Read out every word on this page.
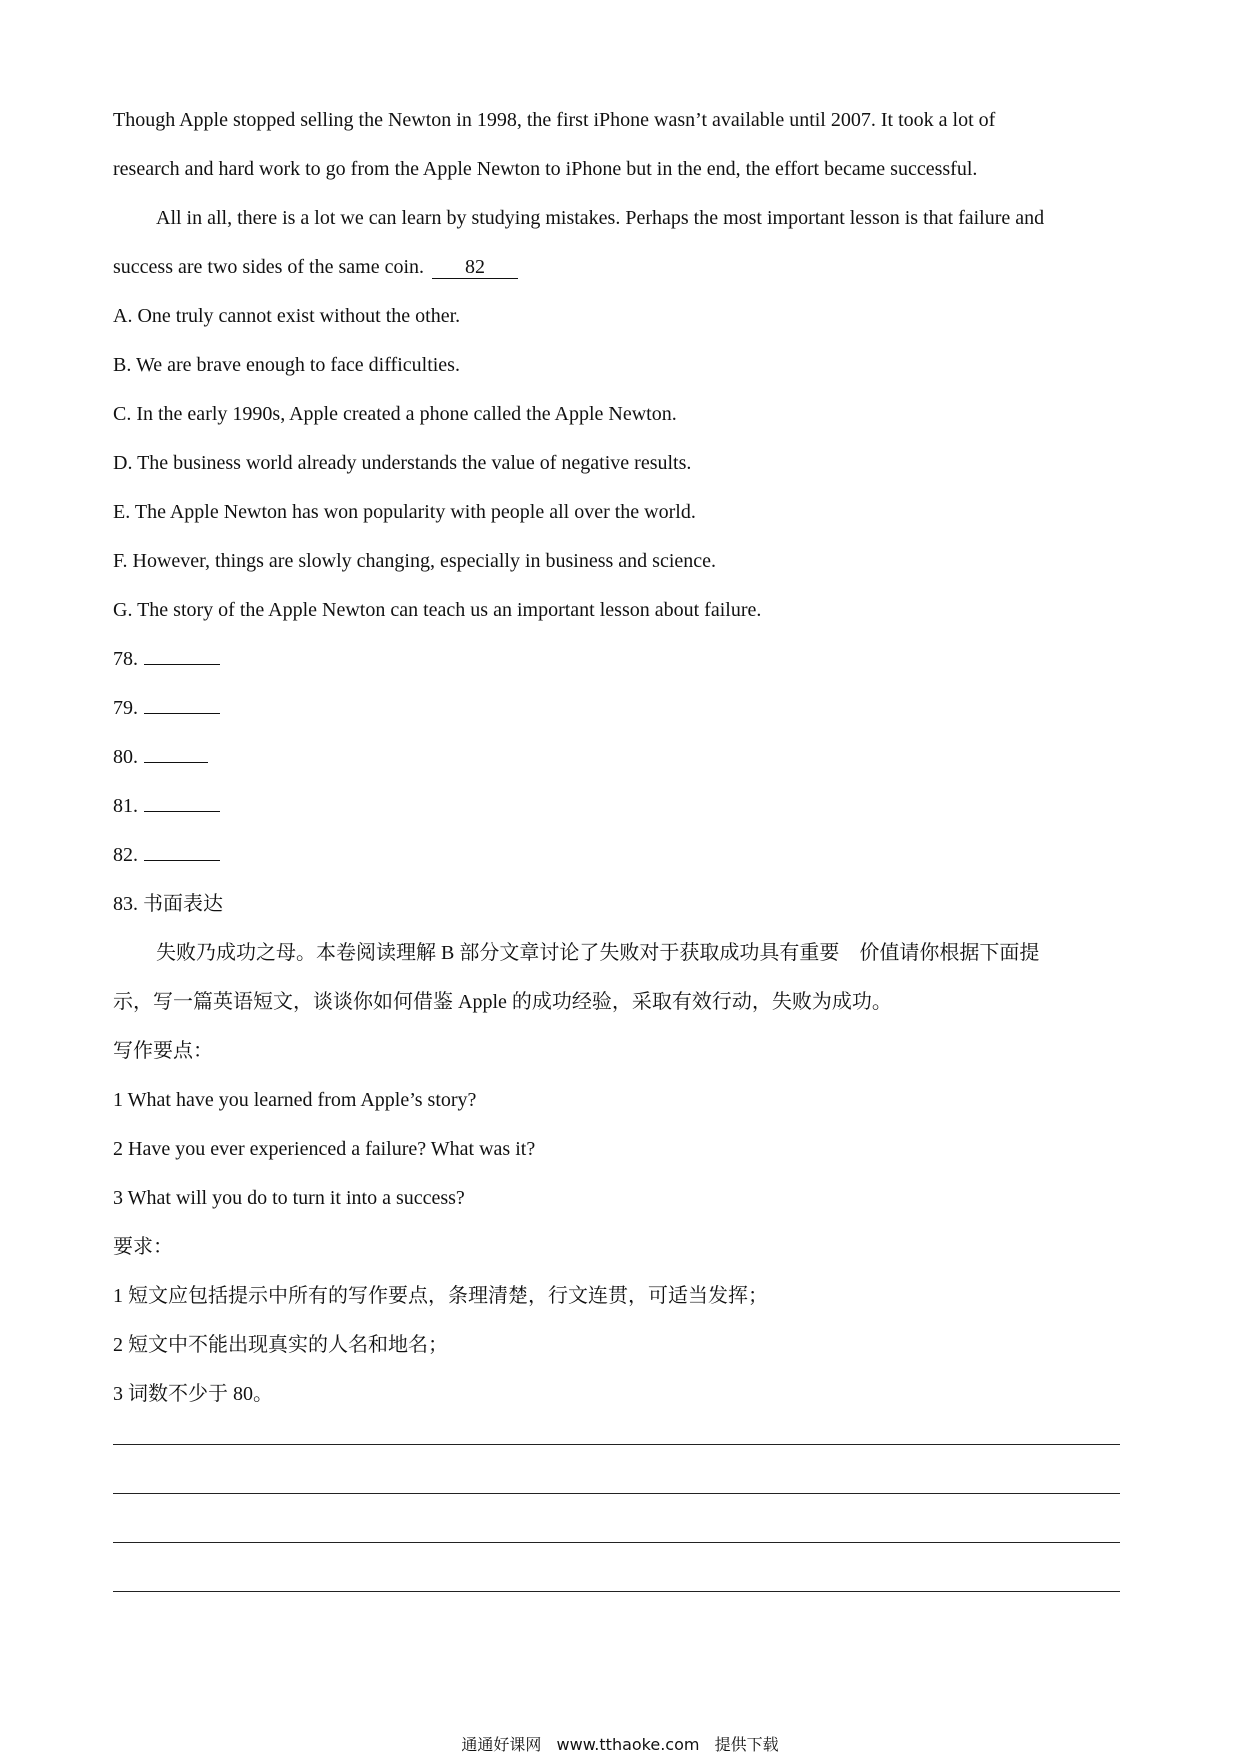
Though Apple stopped selling the Newton in 1998, the first iPhone wasn’t available until 2007. It took a lot of
research and hard work to go from the Apple Newton to iPhone but in the end, the effort became successful.
All in all, there is a lot we can learn by studying mistakes. Perhaps the most important lesson is that failure and
success are two sides of the same coin. 82
A. One truly cannot exist without the other.
B. We are brave enough to face difficulties.
C. In the early 1990s, Apple created a phone called the Apple Newton.
D. The business world already understands the value of negative results.
E. The Apple Newton has won popularity with people all over the world.
F. However, things are slowly changing, especially in business and science.
G. The story of the Apple Newton can teach us an important lesson about failure.
78.
79.
80.
81.
82.
83. 书面表达
失败乃成功之母。本卷阅读理解 B 部分文章讨论了失败对于获取成功具有重要　价值请你根据下面提
示，写一篇英语短文，谈谈你如何借鉴 Apple 的成功经验，采取有效行动，失败为成功。
写作要点：
1 What have you learned from Apple’s story?
2 Have you ever experienced a failure? What was it?
3 What will you do to turn it into a success?
要求：
1 短文应包括提示中所有的写作要点，条理清楚，行文连贯，可适当发挥；
2 短文中不能出现真实的人名和地名；
3 词数不少于 80。
通通好课网 www.tthaoke.com 提供下载
